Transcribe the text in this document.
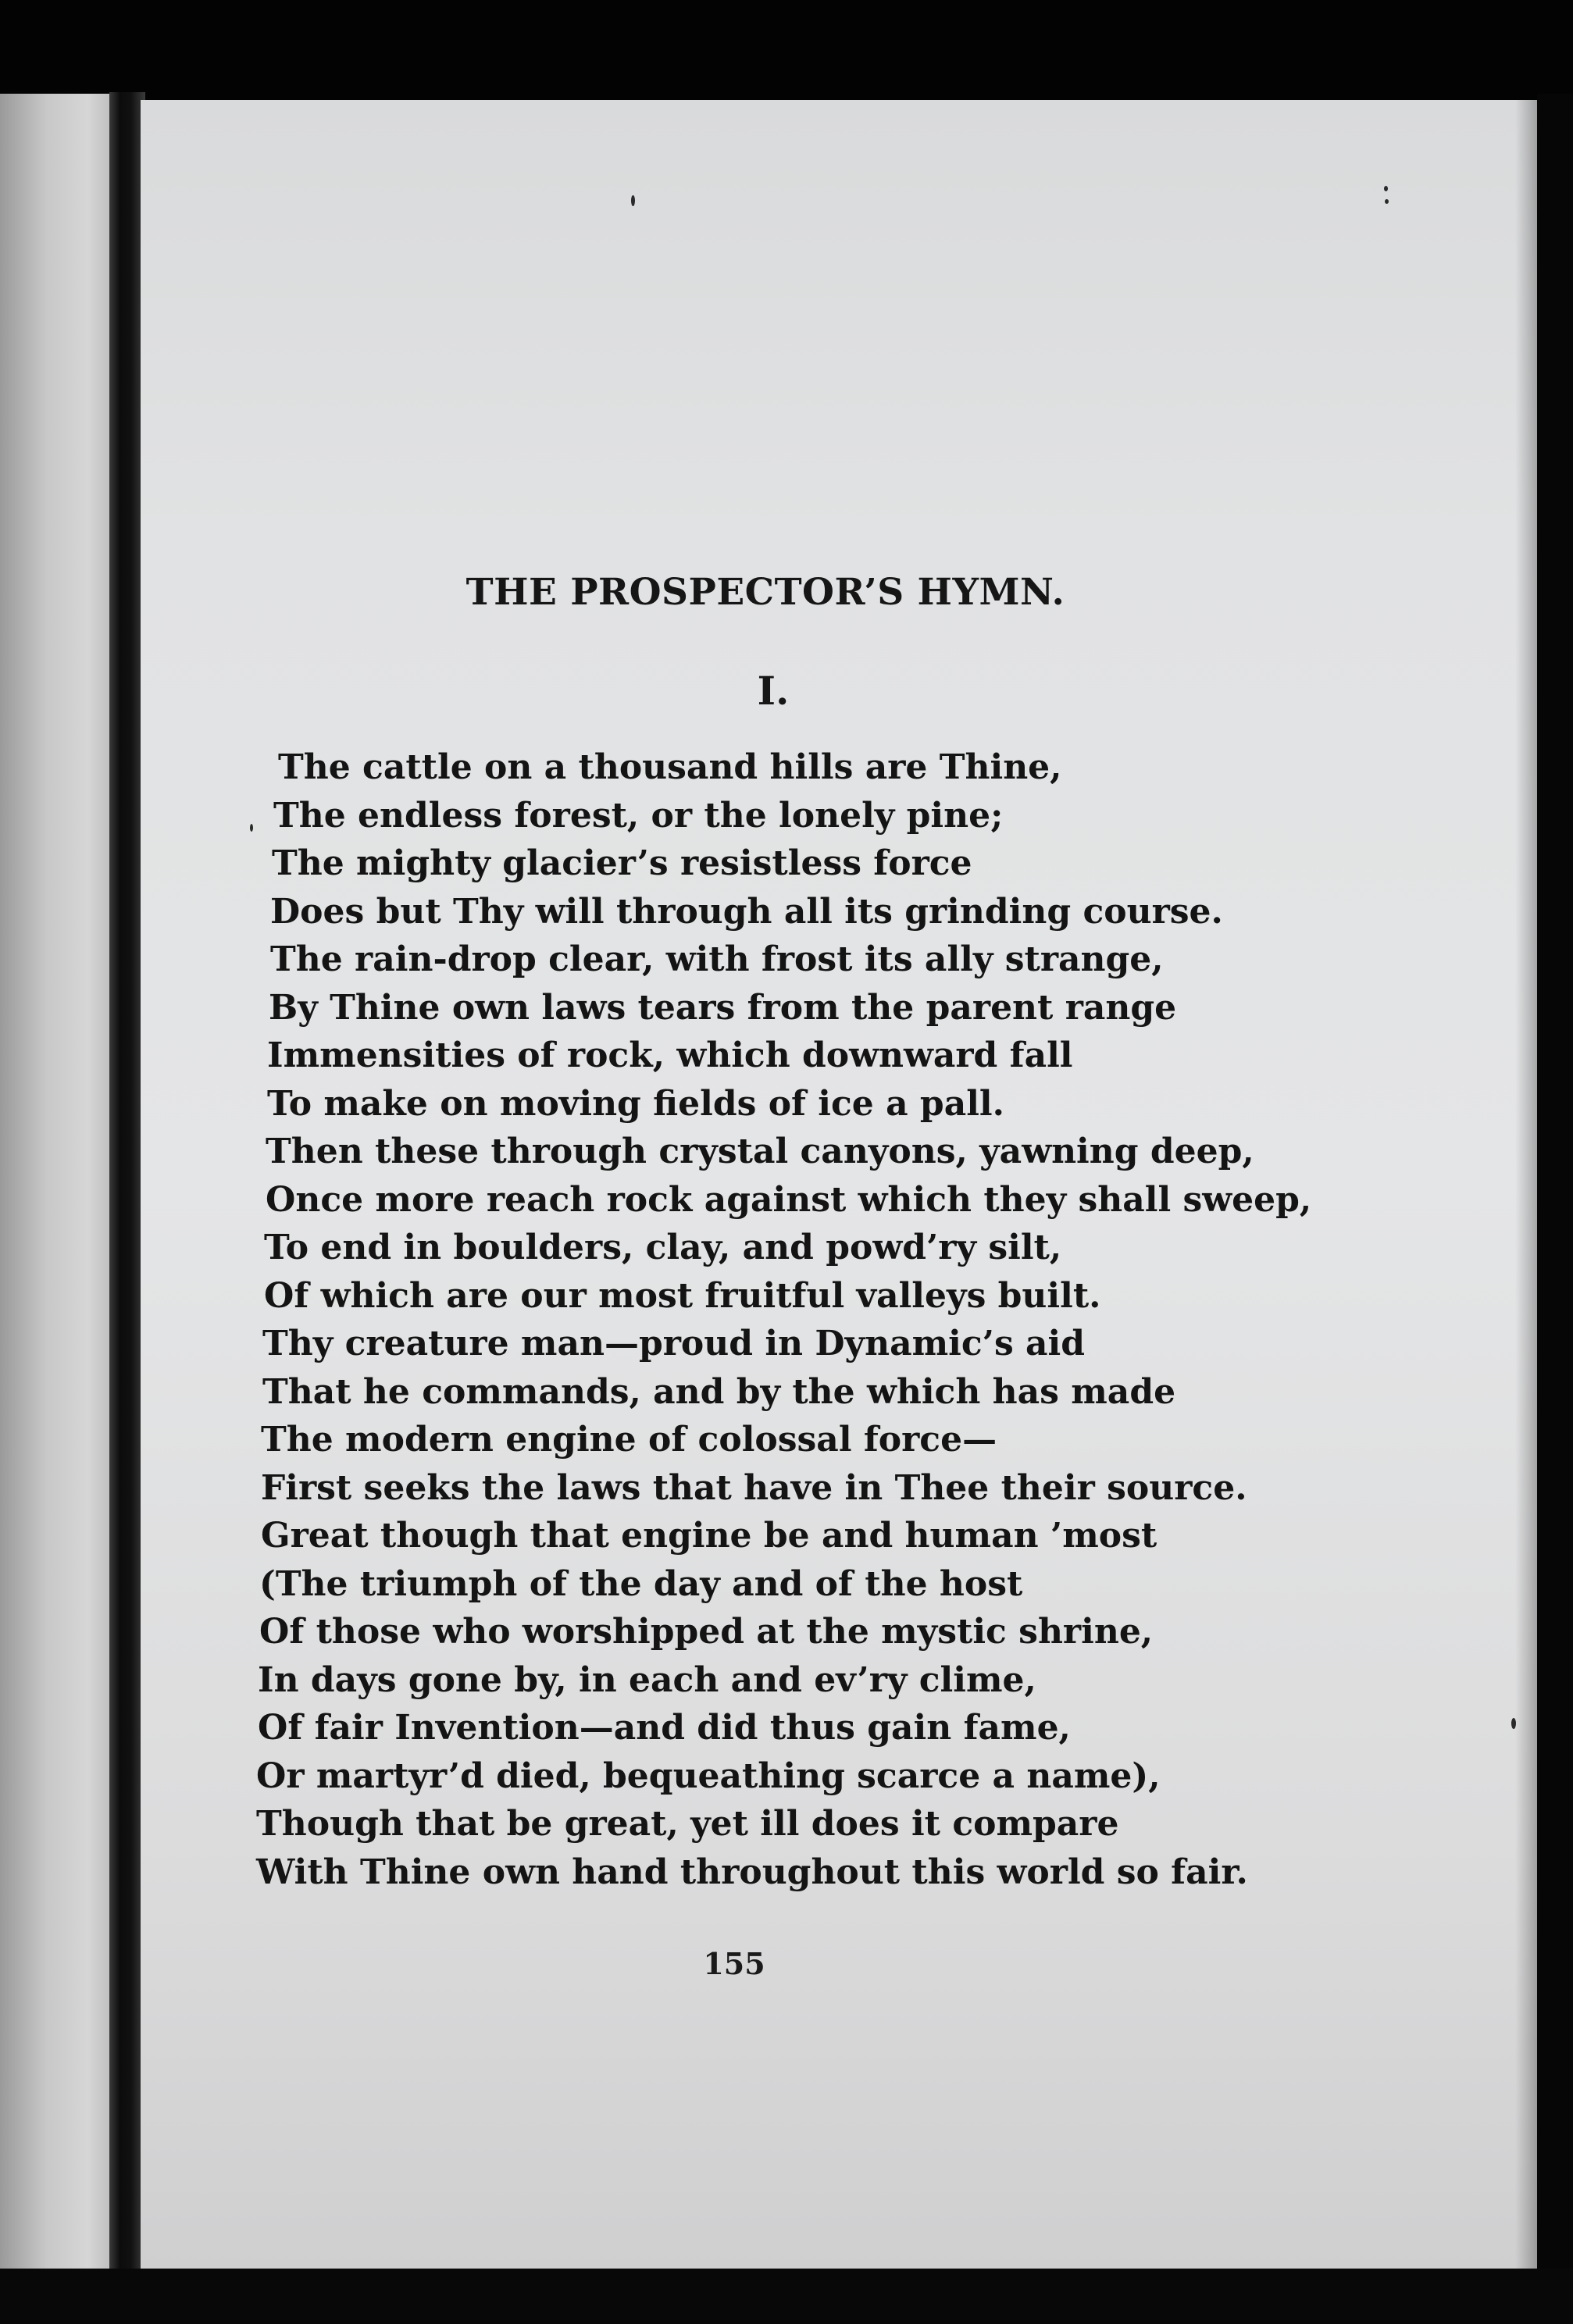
THE PROSPECTOR’S HYMN.
I.
The cattle on a thousand hills are Thine,
The endless forest, or the lonely pine;
The mighty glacier’s resistless force
Does but Thy will through all its grinding course.
The rain-drop clear, with frost its ally strange,
By Thine own laws tears from the parent range
Immensities of rock, which downward fall
To make on moving fields of ice a pall.
Then these through crystal canyons, yawning deep,
Once more reach rock against which they shall sweep,
To end in boulders, clay, and powd’ry silt,
Of which are our most fruitful valleys built.
Thy creature man—proud in Dynamic’s aid
That he commands, and by the which has made
The modern engine of colossal force—
First seeks the laws that have in Thee their source.
Great though that engine be and human ’most
(The triumph of the day and of the host
Of those who worshipped at the mystic shrine,
In days gone by, in each and ev’ry clime,
Of fair Invention—and did thus gain fame,
Or martyr’d died, bequeathing scarce a name),
Though that be great, yet ill does it compare
With Thine own hand throughout this world so fair.
155
